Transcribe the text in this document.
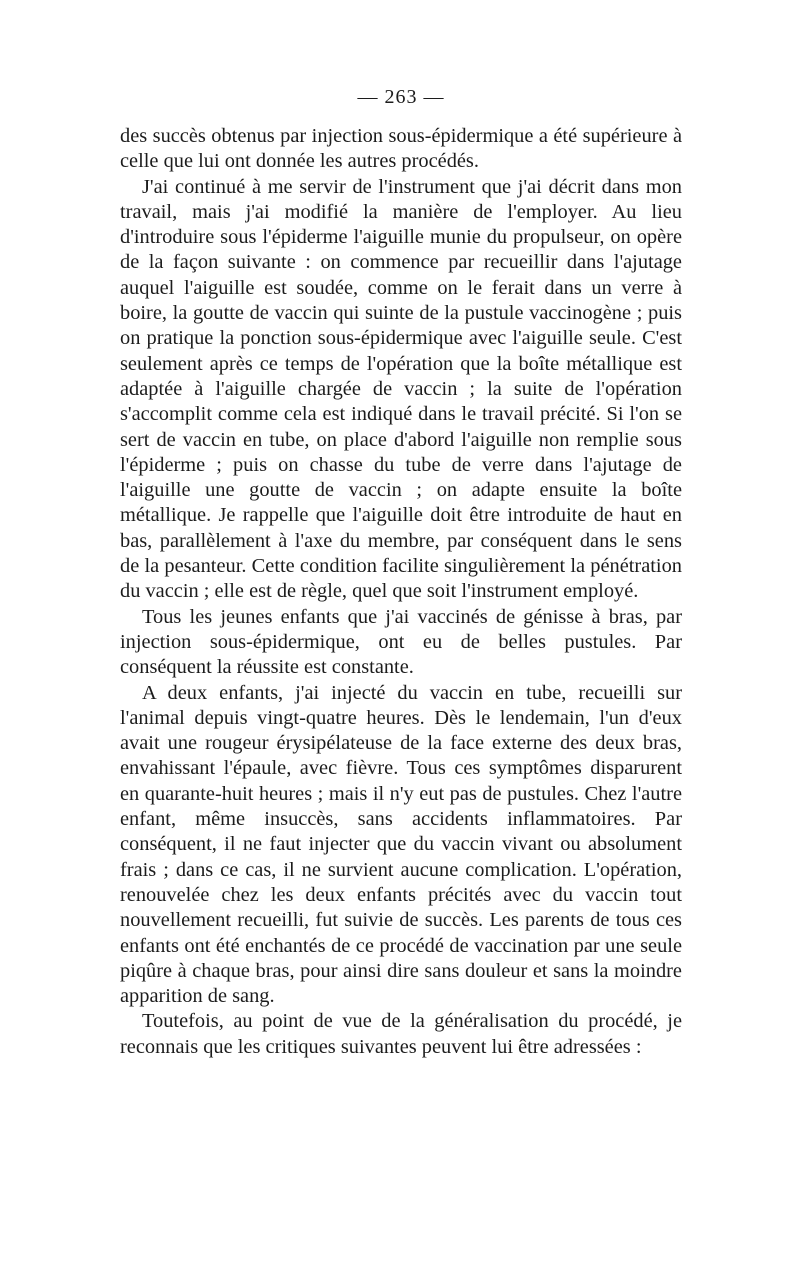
— 263 —

des succès obtenus par injection sous-épidermique a été supérieure à celle que lui ont donnée les autres procédés.

J'ai continué à me servir de l'instrument que j'ai décrit dans mon travail, mais j'ai modifié la manière de l'employer. Au lieu d'introduire sous l'épiderme l'aiguille munie du propulseur, on opère de la façon suivante : on commence par recueillir dans l'ajutage auquel l'aiguille est soudée, comme on le ferait dans un verre à boire, la goutte de vaccin qui suinte de la pustule vaccinogène ; puis on pratique la ponction sous-épidermique avec l'aiguille seule. C'est seulement après ce temps de l'opération que la boîte métallique est adaptée à l'aiguille chargée de vaccin ; la suite de l'opération s'accomplit comme cela est indiqué dans le travail précité. Si l'on se sert de vaccin en tube, on place d'abord l'aiguille non remplie sous l'épiderme ; puis on chasse du tube de verre dans l'ajutage de l'aiguille une goutte de vaccin ; on adapte ensuite la boîte métallique. Je rappelle que l'aiguille doit être introduite de haut en bas, parallèlement à l'axe du membre, par conséquent dans le sens de la pesanteur. Cette condition facilite singulièrement la pénétration du vaccin ; elle est de règle, quel que soit l'instrument employé.

Tous les jeunes enfants que j'ai vaccinés de génisse à bras, par injection sous-épidermique, ont eu de belles pustules. Par conséquent la réussite est constante.

A deux enfants, j'ai injecté du vaccin en tube, recueilli sur l'animal depuis vingt-quatre heures. Dès le lendemain, l'un d'eux avait une rougeur érysipélateuse de la face externe des deux bras, envahissant l'épaule, avec fièvre. Tous ces symptômes disparurent en quarante-huit heures ; mais il n'y eut pas de pustules. Chez l'autre enfant, même insuccès, sans accidents inflammatoires. Par conséquent, il ne faut injecter que du vaccin vivant ou absolument frais ; dans ce cas, il ne survient aucune complication. L'opération, renouvelée chez les deux enfants précités avec du vaccin tout nouvellement recueilli, fut suivie de succès. Les parents de tous ces enfants ont été enchantés de ce procédé de vaccination par une seule piqûre à chaque bras, pour ainsi dire sans douleur et sans la moindre apparition de sang.

Toutefois, au point de vue de la généralisation du procédé, je reconnais que les critiques suivantes peuvent lui être adressées :
